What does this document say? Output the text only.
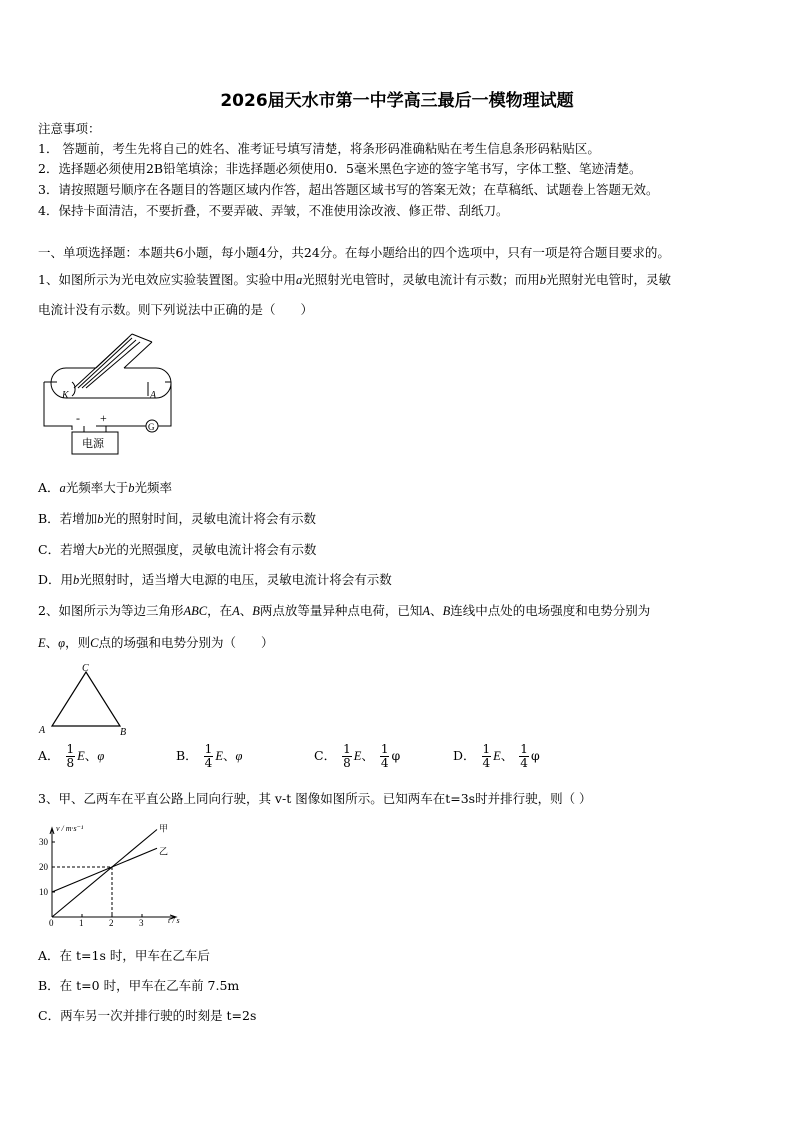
2026届天水市第一中学高三最后一模物理试题
注意事项：
1． 答题前，考生先将自己的姓名、准考证号填写清楚，将条形码准确粘贴在考生信息条形码粘贴区。
2．选择题必须使用2B铅笔填涂；非选择题必须使用0．5毫米黑色字迹的签字笔书写，字体工整、笔迹清楚。
3．请按照题号顺序在各题目的答题区域内作答，超出答题区域书写的答案无效；在草稿纸、试题卷上答题无效。
4．保持卡面清洁，不要折叠，不要弄破、弄皱，不准使用涂改液、修正带、刮纸刀。
一、单项选择题：本题共6小题，每小题4分，共24分。在每小题给出的四个选项中，只有一项是符合题目要求的。
1、如图所示为光电效应实验装置图。实验中用a光照射光电管时，灵敏电流计有示数；而用b光照射光电管时，灵敏
电流计没有示数。则下列说法中正确的是（　　）
K	A
- +
G
电源
A．a光频率大于b光频率
B．若增加b光的照射时间，灵敏电流计将会有示数
C．若增大b光的光照强度，灵敏电流计将会有示数
D．用b光照射时，适当增大电源的电压，灵敏电流计将会有示数
2、如图所示为等边三角形ABC，在A、B两点放等量异种点电荷，已知A、B连线中点处的电场强度和电势分别为
E、φ，则C点的场强和电势分别为（　　）
C
A	B
A． $\frac{1}{8}$ E、φ	B． $\frac{1}{4}$ E、φ	C． $\frac{1}{8}$ E、 $\frac{1}{4}$ φ	D． $\frac{1}{4}$ E、 $\frac{1}{4}$ φ
3、甲、乙两车在平直公路上同向行驶，其 v-t 图像如图所示。已知两车在t=3s时并排行驶，则（ ）
v / m·s⁻¹
t / s
0	1	2	3
10
20
30
甲
乙
A．在 t=1s 时，甲车在乙车后
B．在 t=0 时，甲车在乙车前 7.5m
C．两车另一次并排行驶的时刻是 t=2s
